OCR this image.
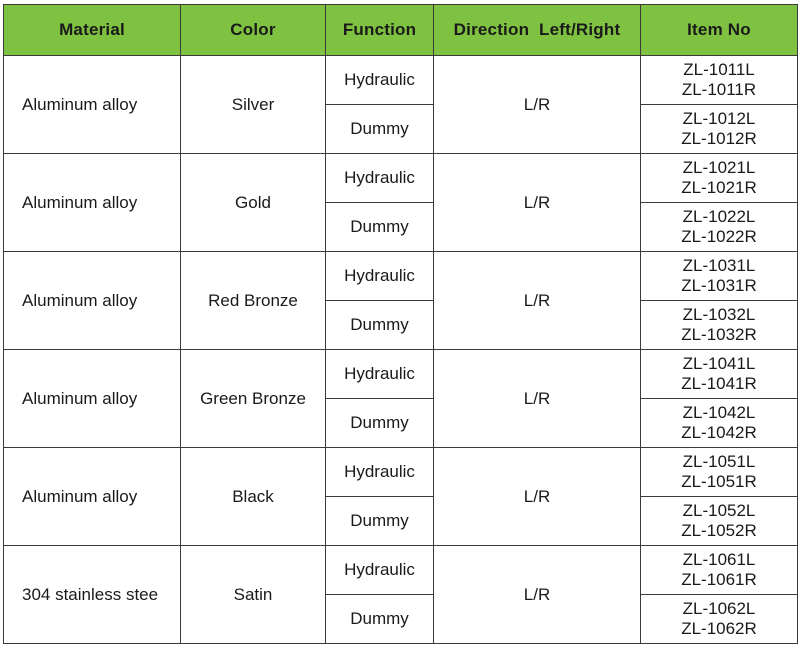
Material	Color	Function	Direction  Left/Right	Item No
Aluminum alloy	Silver	Hydraulic	L/R	ZL-1011L
ZL-1011R

		Dummy		ZL-1012L
ZL-1012R

Aluminum alloy	Gold	Hydraulic	L/R	ZL-1021L
ZL-1021R

		Dummy		ZL-1022L
ZL-1022R

Aluminum alloy	Red Bronze	Hydraulic	L/R	ZL-1031L
ZL-1031R

		Dummy		ZL-1032L
ZL-1032R

Aluminum alloy	Green Bronze	Hydraulic	L/R	ZL-1041L
ZL-1041R

		Dummy		ZL-1042L
ZL-1042R

Aluminum alloy	Black	Hydraulic	L/R	ZL-1051L
ZL-1051R

		Dummy		ZL-1052L
ZL-1052R

304 stainless stee	Satin	Hydraulic	L/R	ZL-1061L
ZL-1061R

		Dummy		ZL-1062L
ZL-1062R
